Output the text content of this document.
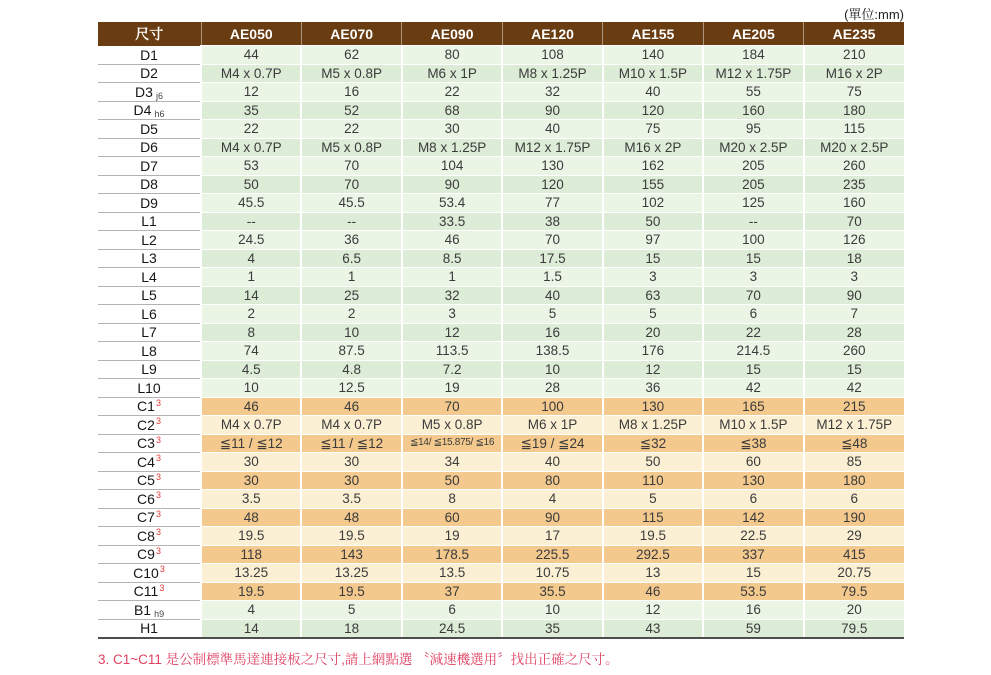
(單位:mm)
尺寸	AE050	AE070	AE090	AE120	AE155	AE205	AE235
D1	44	62	80	108	140	184	210
D2	M4 x 0.7P	M5 x 0.8P	M6 x 1P	M8 x 1.25P	M10 x 1.5P	M12 x 1.75P	M16 x 2P
D3 $_{j6}$	12	16	22	32	40	55	75
D4 $_{h6}$	35	52	68	90	120	160	180
D5	22	22	30	40	75	95	115
D6	M4 x 0.7P	M5 x 0.8P	M8 x 1.25P	M12 x 1.75P	M16 x 2P	M20 x 2.5P	M20 x 2.5P
D7	53	70	104	130	162	205	260
D8	50	70	90	120	155	205	235
D9	45.5	45.5	53.4	77	102	125	160
L1	--	--	33.5	38	50	--	70
L2	24.5	36	46	70	97	100	126
L3	4	6.5	8.5	17.5	15	15	18
L4	1	1	1	1.5	3	3	3
L5	14	25	32	40	63	70	90
L6	2	2	3	5	5	6	7
L7	8	10	12	16	20	22	28
L8	74	87.5	113.5	138.5	176	214.5	260
L9	4.5	4.8	7.2	10	12	15	15
L10	10	12.5	19	28	36	42	42
$C1^3$	46	46	70	100	130	165	215
$C2^3$	M4 x 0.7P	M4 x 0.7P	M5 x 0.8P	M6 x 1P	M8 x 1.25P	M10 x 1.5P	M12 x 1.75P
$C3^3$	≦11 / ≦12	≦11 / ≦12	≦14/ ≦15.875/ ≦16	≦19 / ≦24	≦32	≦38	≦48
$C4^3$	30	30	34	40	50	60	85
$C5^3$	30	30	50	80	110	130	180
$C6^3$	3.5	3.5	8	4	5	6	6
$C7^3$	48	48	60	90	115	142	190
$C8^3$	19.5	19.5	19	17	19.5	22.5	29
$C9^3$	118	143	178.5	225.5	292.5	337	415
$C10^3$	13.25	13.25	13.5	10.75	13	15	20.75
$C11^3$	19.5	19.5	37	35.5	46	53.5	79.5
B1 $_{h9}$	4	5	6	10	12	16	20
H1	14	18	24.5	35	43	59	79.5
3. C1~C11 是公制標準馬達連接板之尺寸,請上網點選 〝減速機選用〞找出正確之尺寸。
